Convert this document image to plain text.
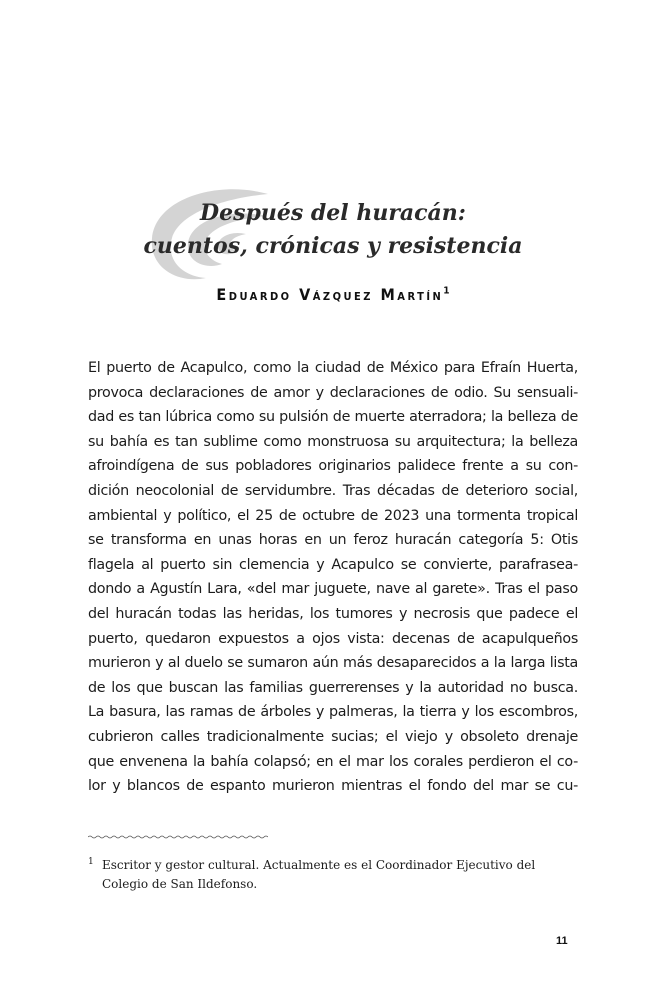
Después del huracán:
cuentos, crónicas y resistencia

Eduardo Vázquez Martín$^1$

El puerto de Acapulco, como la ciudad de México para Efraín Huerta,
provoca declaraciones de amor y declaraciones de odio. Su sensuali-
dad es tan lúbrica como su pulsión de muerte aterradora; la belleza de
su bahía es tan sublime como monstruosa su arquitectura; la belleza
afroindígena de sus pobladores originarios palidece frente a su con-
dición neocolonial de servidumbre. Tras décadas de deterioro social,
ambiental y político, el 25 de octubre de 2023 una tormenta tropical
se transforma en unas horas en un feroz huracán categoría 5: Otis
flagela al puerto sin clemencia y Acapulco se convierte, parafrasea-
dondo a Agustín Lara, «del mar juguete, nave al garete». Tras el paso
del huracán todas las heridas, los tumores y necrosis que padece el
puerto, quedaron expuestos a ojos vista: decenas de acapulqueños
murieron y al duelo se sumaron aún más desaparecidos a la larga lista
de los que buscan las familias guerrerenses y la autoridad no busca.
La basura, las ramas de árboles y palmeras, la tierra y los escombros,
cubrieron calles tradicionalmente sucias; el viejo y obsoleto drenaje
que envenena la bahía colapsó; en el mar los corales perdieron el co-
lor y blancos de espanto murieron mientras el fondo del mar se cu-
1 Escritor y gestor cultural. Actualmente es el Coordinador Ejecutivo del Colegio de San Ildefonso.

11
